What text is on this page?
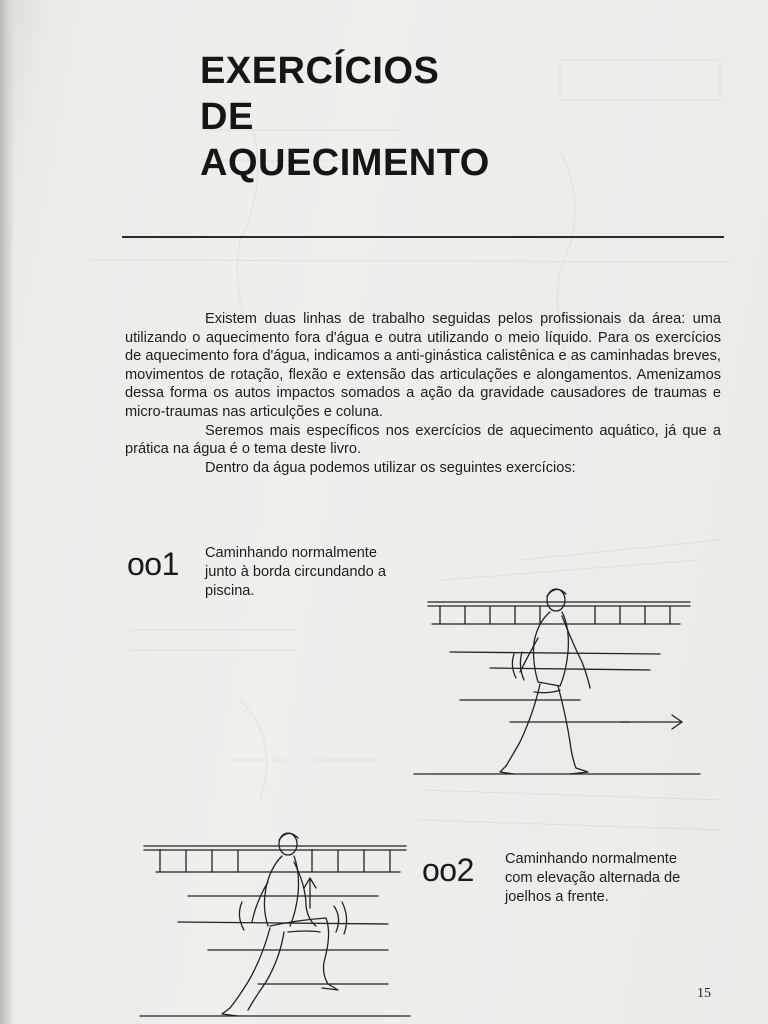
EXERCÍCIOS
DE
AQUECIMENTO

Existem duas linhas de trabalho seguidas pelos profissionais da área: uma utilizando o aquecimento fora d'água e outra utilizando o meio líquido. Para os exercícios de aquecimento fora d'água, indicamos a anti-ginástica calistênica e as caminhadas breves, movimentos de rotação, flexão e extensão das articulações e alongamentos. Amenizamos dessa forma os autos impactos somados a ação da gravidade causadores de traumas e micro-traumas nas articulções e coluna.

Seremos mais específicos nos exercícios de aquecimento aquático, já que a prática na água é o tema deste livro.

Dentro da água podemos utilizar os seguintes exercícios:

oo1 Caminhando normalmente
junto à borda circundando a
piscina.
oo2 Caminhando normalmente
com elevação alternada de
joelhos a frente.
15
